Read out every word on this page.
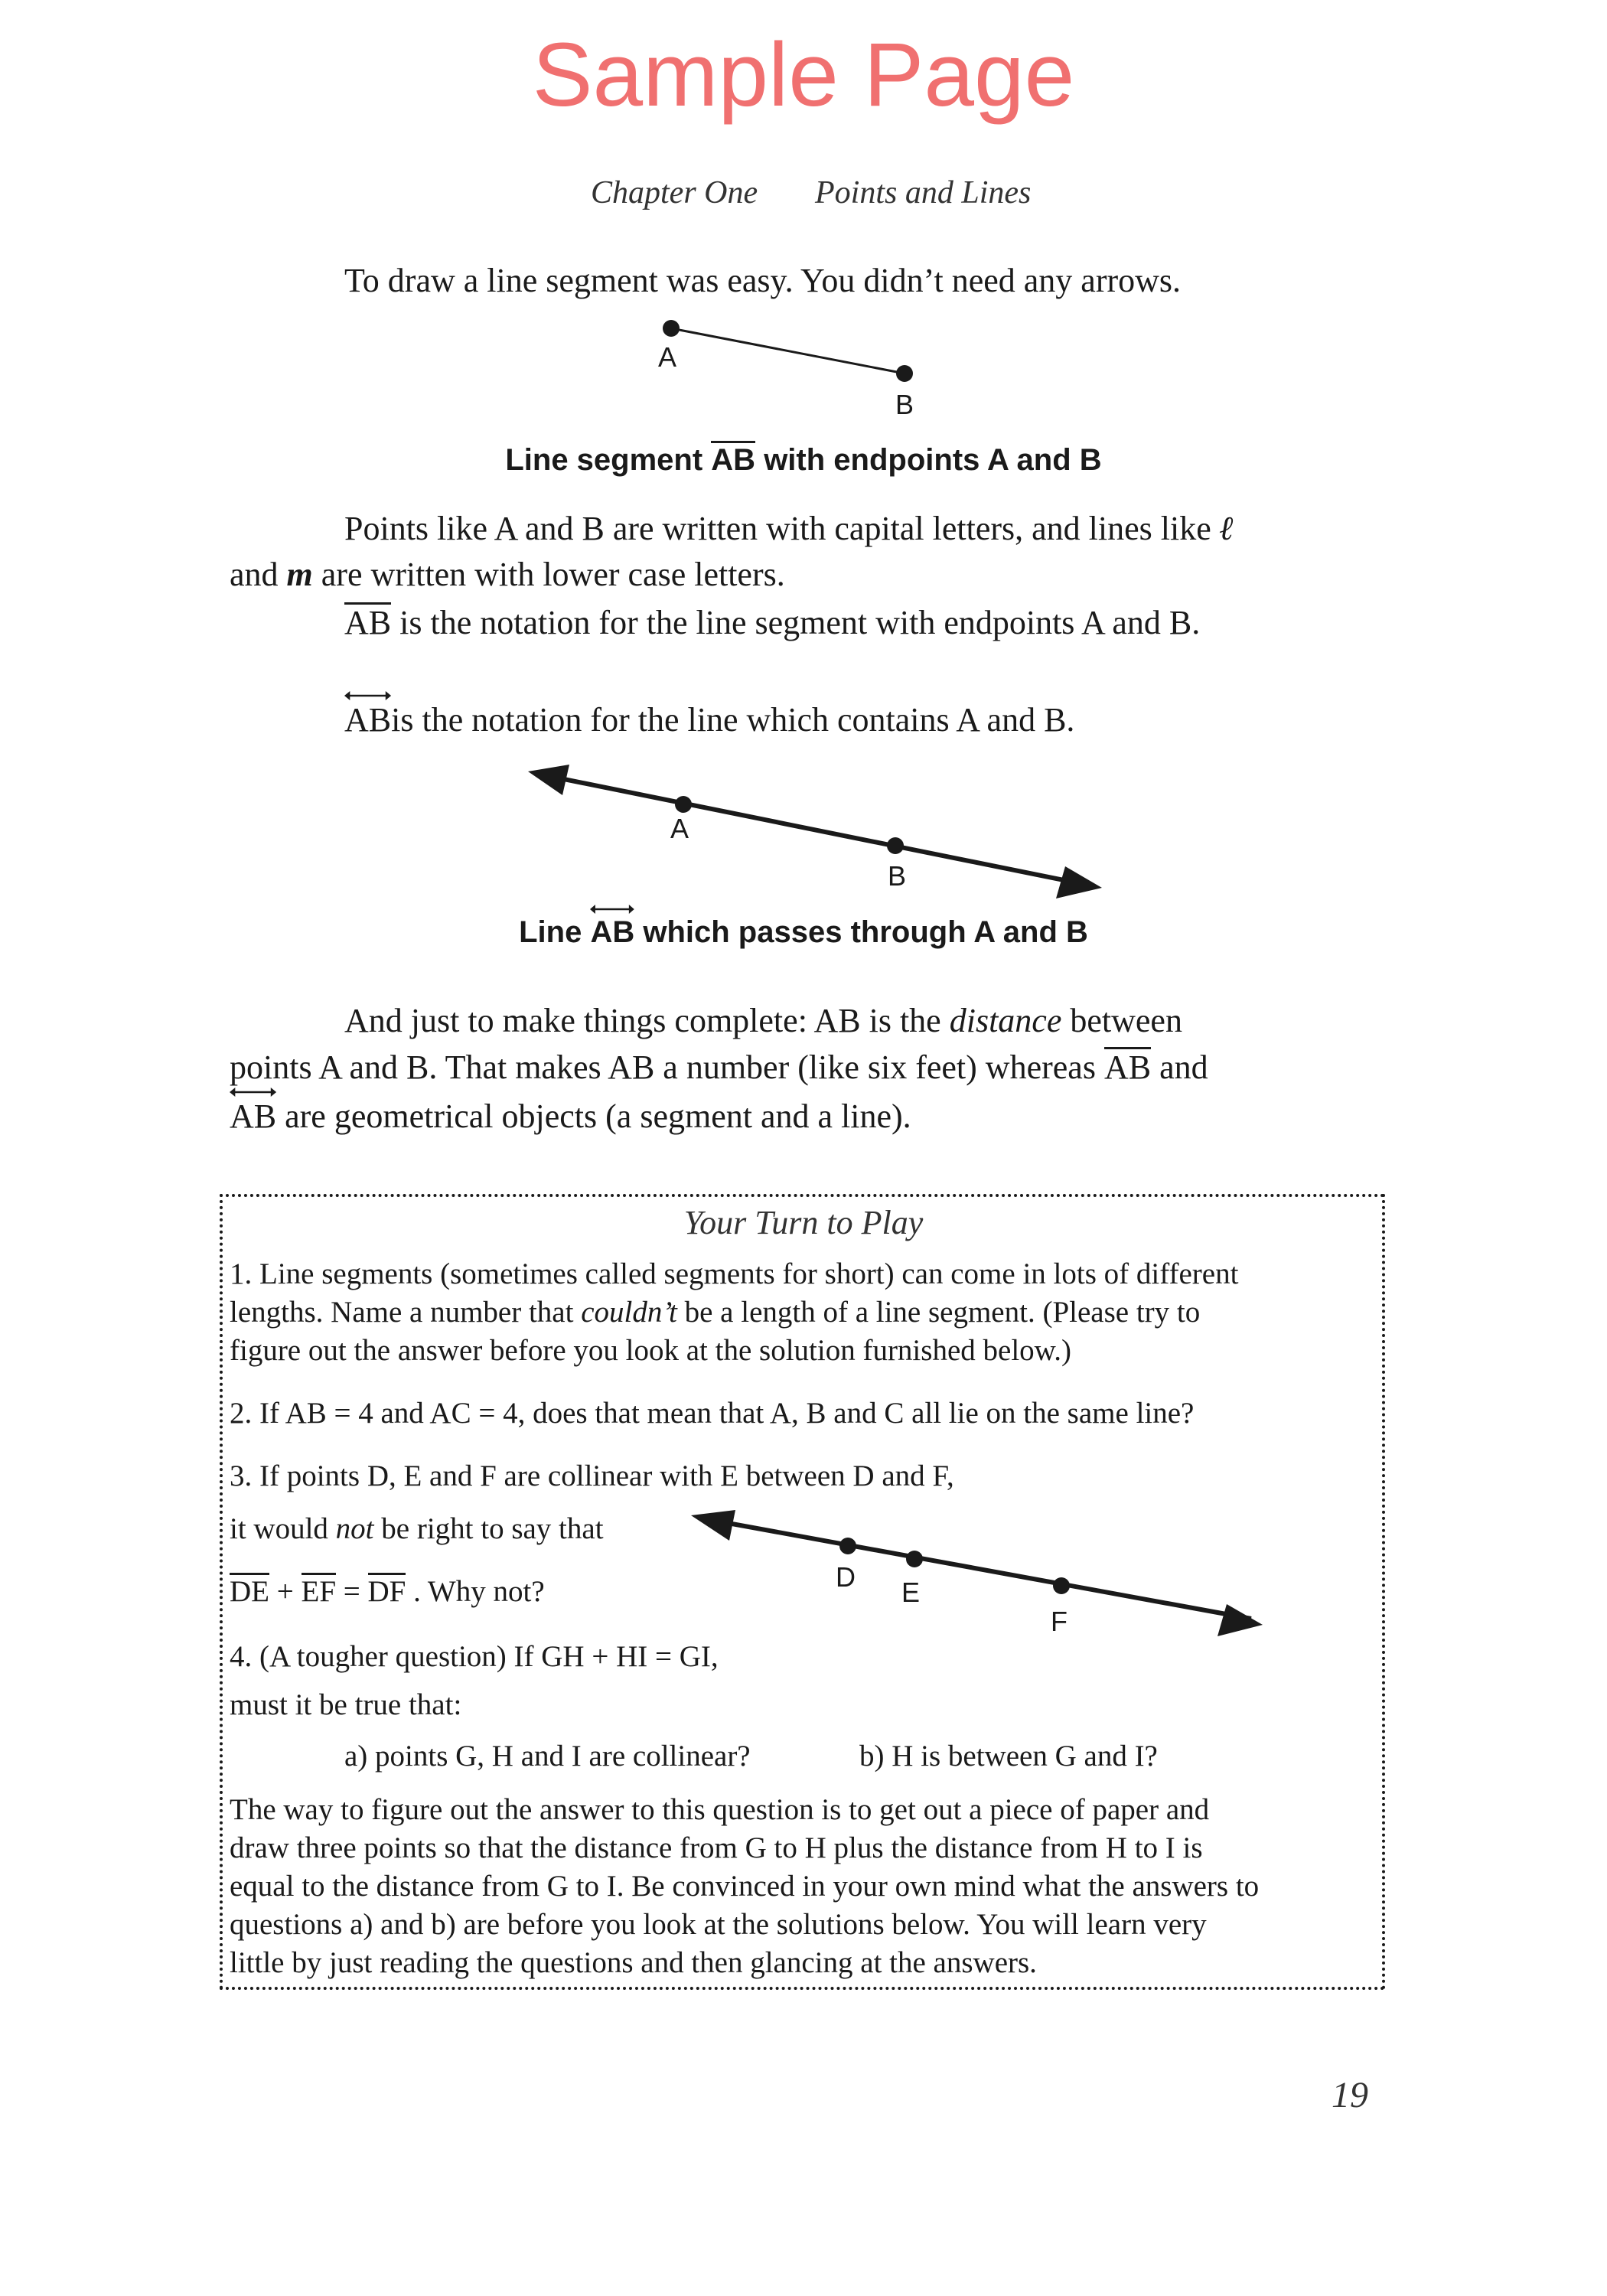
Sample Page
Chapter One Points and Lines

To draw a line segment was easy. You didn’t need any arrows.

A
B

Line segment AB with endpoints A and B

Points like A and B are written with capital letters, and lines like ℓ

and m are written with lower case letters.

AB is the notation for the line segment with endpoints A and B.

ABis the notation for the line which contains A and B.

A
B

Line
AB which passes through A and B

And just to make things complete: AB is the distance between

points A and B. That makes AB a number (like six feet) whereas AB and

AB are geometrical objects (a segment and a line).

Your Turn to Play

1. Line segments (sometimes called segments for short) can come in lots of different

lengths. Name a number that couldn’t be a length of a line segment. (Please try to

figure out the answer before you look at the solution furnished below.)

2. If AB = 4 and AC = 4, does that mean that A, B and C all lie on the same line?

3. If points D, E and F are collinear with E between D and F,

it would not be right to say that

DE + EF = DF . Why not?	D E
F

4. (A tougher question) If GH + HI = GI,

must it be true that:

a) points G, H and I are collinear?	b) H is between G and I?

The way to figure out the answer to this question is to get out a piece of paper and

draw three points so that the distance from G to H plus the distance from H to I is

equal to the distance from G to I. Be convinced in your own mind what the answers to

questions a) and b) are before you look at the solutions below. You will learn very

little by just reading the questions and then glancing at the answers.

19
